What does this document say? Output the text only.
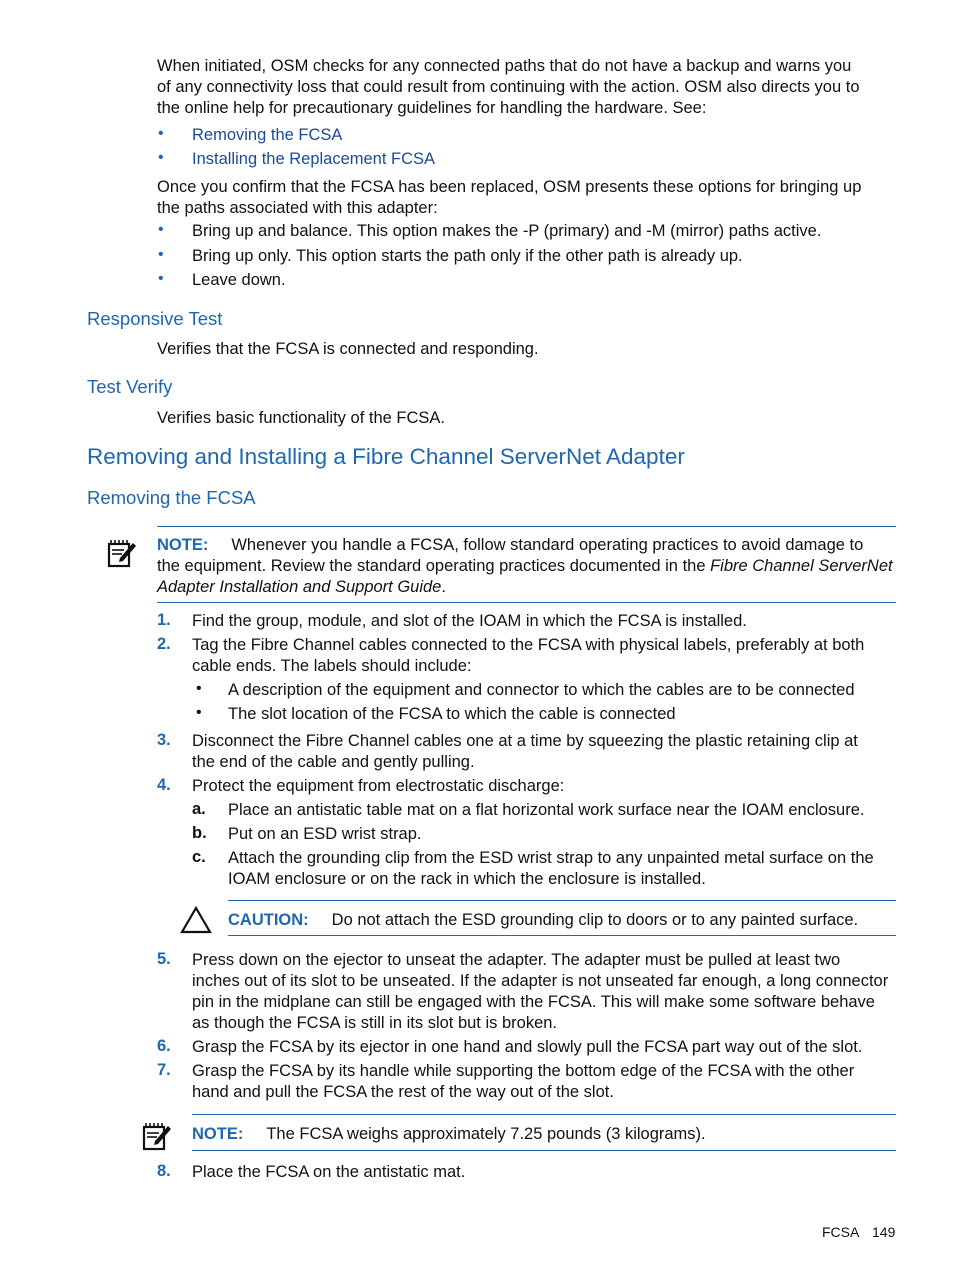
When initiated, OSM checks for any connected paths that do not have a backup and warns you
of any connectivity loss that could result from continuing with the action. OSM also directs you to
the online help for precautionary guidelines for handling the hardware. See:
• Removing the FCSA
• Installing the Replacement FCSA
Once you confirm that the FCSA has been replaced, OSM presents these options for bringing up
the paths associated with this adapter:
• Bring up and balance. This option makes the -P (primary) and -M (mirror) paths active.
• Bring up only. This option starts the path only if the other path is already up.
• Leave down.
Responsive Test
Verifies that the FCSA is connected and responding.
Test Verify
Verifies basic functionality of the FCSA.
Removing and Installing a Fibre Channel ServerNet Adapter
Removing the FCSA
NOTE: Whenever you handle a FCSA, follow standard operating practices to avoid damage to
the equipment. Review the standard operating practices documented in the Fibre Channel ServerNet
Adapter Installation and Support Guide.
1. Find the group, module, and slot of the IOAM in which the FCSA is installed.
2. Tag the Fibre Channel cables connected to the FCSA with physical labels, preferably at both
cable ends. The labels should include:
• A description of the equipment and connector to which the cables are to be connected
• The slot location of the FCSA to which the cable is connected
3. Disconnect the Fibre Channel cables one at a time by squeezing the plastic retaining clip at
the end of the cable and gently pulling.
4. Protect the equipment from electrostatic discharge:
a. Place an antistatic table mat on a flat horizontal work surface near the IOAM enclosure.
b. Put on an ESD wrist strap.
c. Attach the grounding clip from the ESD wrist strap to any unpainted metal surface on the
IOAM enclosure or on the rack in which the enclosure is installed.
CAUTION: Do not attach the ESD grounding clip to doors or to any painted surface.
5. Press down on the ejector to unseat the adapter. The adapter must be pulled at least two
inches out of its slot to be unseated. If the adapter is not unseated far enough, a long connector
pin in the midplane can still be engaged with the FCSA. This will make some software behave
as though the FCSA is still in its slot but is broken.
6. Grasp the FCSA by its ejector in one hand and slowly pull the FCSA part way out of the slot.
7. Grasp the FCSA by its handle while supporting the bottom edge of the FCSA with the other
hand and pull the FCSA the rest of the way out of the slot.
NOTE: The FCSA weighs approximately 7.25 pounds (3 kilograms).
8. Place the FCSA on the antistatic mat.
FCSA 149
